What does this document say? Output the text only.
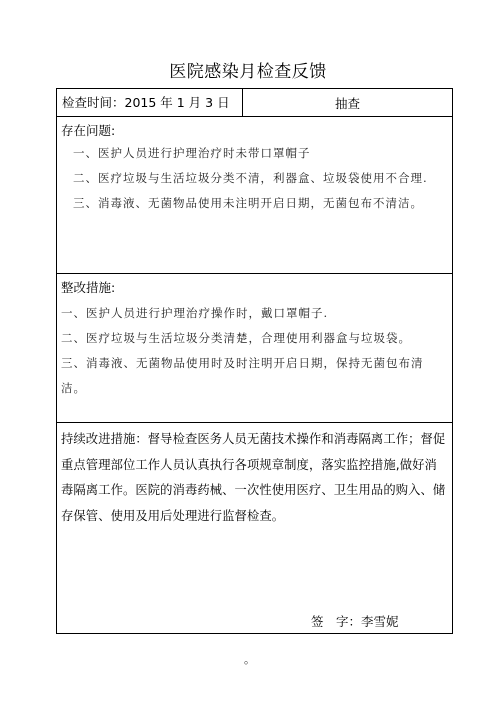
医院感染月检查反馈
检查时间：2015 年 1 月 3 日	抽查

存在问题:
一、医护人员进行护理治疗时未带口罩帽子
二、医疗垃圾与生活垃圾分类不清，利器盒、垃圾袋使用不合理.
三、消毒液、无菌物品使用未注明开启日期，无菌包布不清洁。

整改措施:
一、医护人员进行护理治疗操作时，戴口罩帽子.
二、医疗垃圾与生活垃圾分类清楚，合理使用利器盒与垃圾袋。
三、消毒液、无菌物品使用时及时注明开启日期，保持无菌包布清洁。

持续改进措施：督导检查医务人员无菌技术操作和消毒隔离工作；督促重点管理部位工作人员认真执行各项规章制度，落实监控措施,做好消毒隔离工作。医院的消毒药械、一次性使用医疗、卫生用品的购入、储存保管、使用及用后处理进行监督检查。
签　字：李雪妮
。
